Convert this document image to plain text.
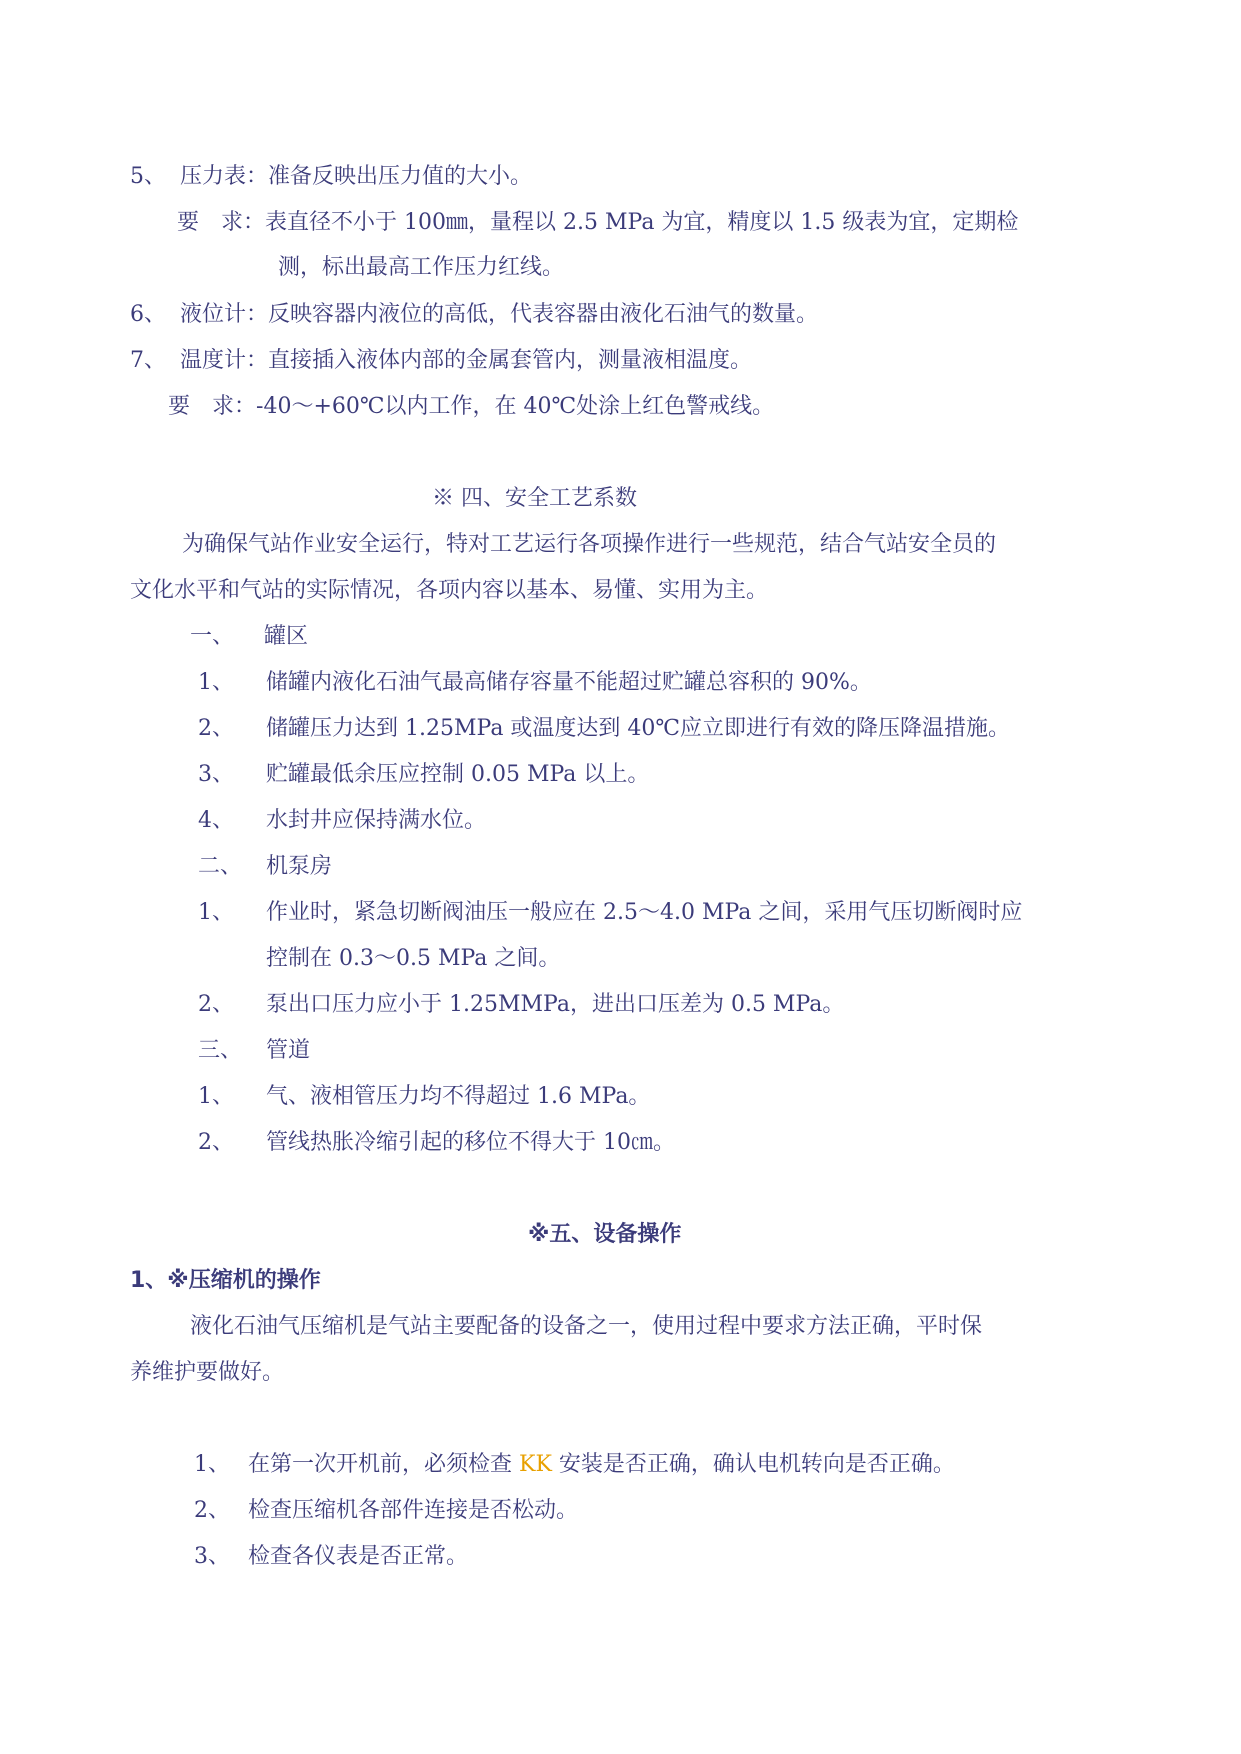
5、 压力表：准备反映出压力值的大小。
要　求：表直径不小于 100㎜，量程以 2.5 MPa 为宜，精度以 1.5 级表为宜，定期检
测，标出最高工作压力红线。
6、 液位计：反映容器内液位的高低，代表容器由液化石油气的数量。
7、 温度计：直接插入液体内部的金属套管内，测量液相温度。
要　求：-40～+60℃以内工作，在 40℃处涂上红色警戒线。
※ 四、安全工艺系数
为确保气站作业安全运行，特对工艺运行各项操作进行一些规范，结合气站安全员的
文化水平和气站的实际情况，各项内容以基本、易懂、实用为主。
一、 罐区
1、 储罐内液化石油气最高储存容量不能超过贮罐总容积的 90%。
2、 储罐压力达到 1.25MPa 或温度达到 40℃应立即进行有效的降压降温措施。
3、 贮罐最低余压应控制 0.05 MPa 以上。
4、 水封井应保持满水位。
二、 机泵房
1、 作业时，紧急切断阀油压一般应在 2.5～4.0 MPa 之间，采用气压切断阀时应
控制在 0.3～0.5 MPa 之间。
2、 泵出口压力应小于 1.25MMPa，进出口压差为 0.5 MPa。
三、 管道
1、 气、液相管压力均不得超过 1.6 MPa。
2、 管线热胀冷缩引起的移位不得大于 10㎝。
※五、设备操作
1、※压缩机的操作
液化石油气压缩机是气站主要配备的设备之一，使用过程中要求方法正确，平时保
养维护要做好。
1、 在第一次开机前，必须检查 KK 安装是否正确，确认电机转向是否正确。
2、 检查压缩机各部件连接是否松动。
3、 检查各仪表是否正常。
